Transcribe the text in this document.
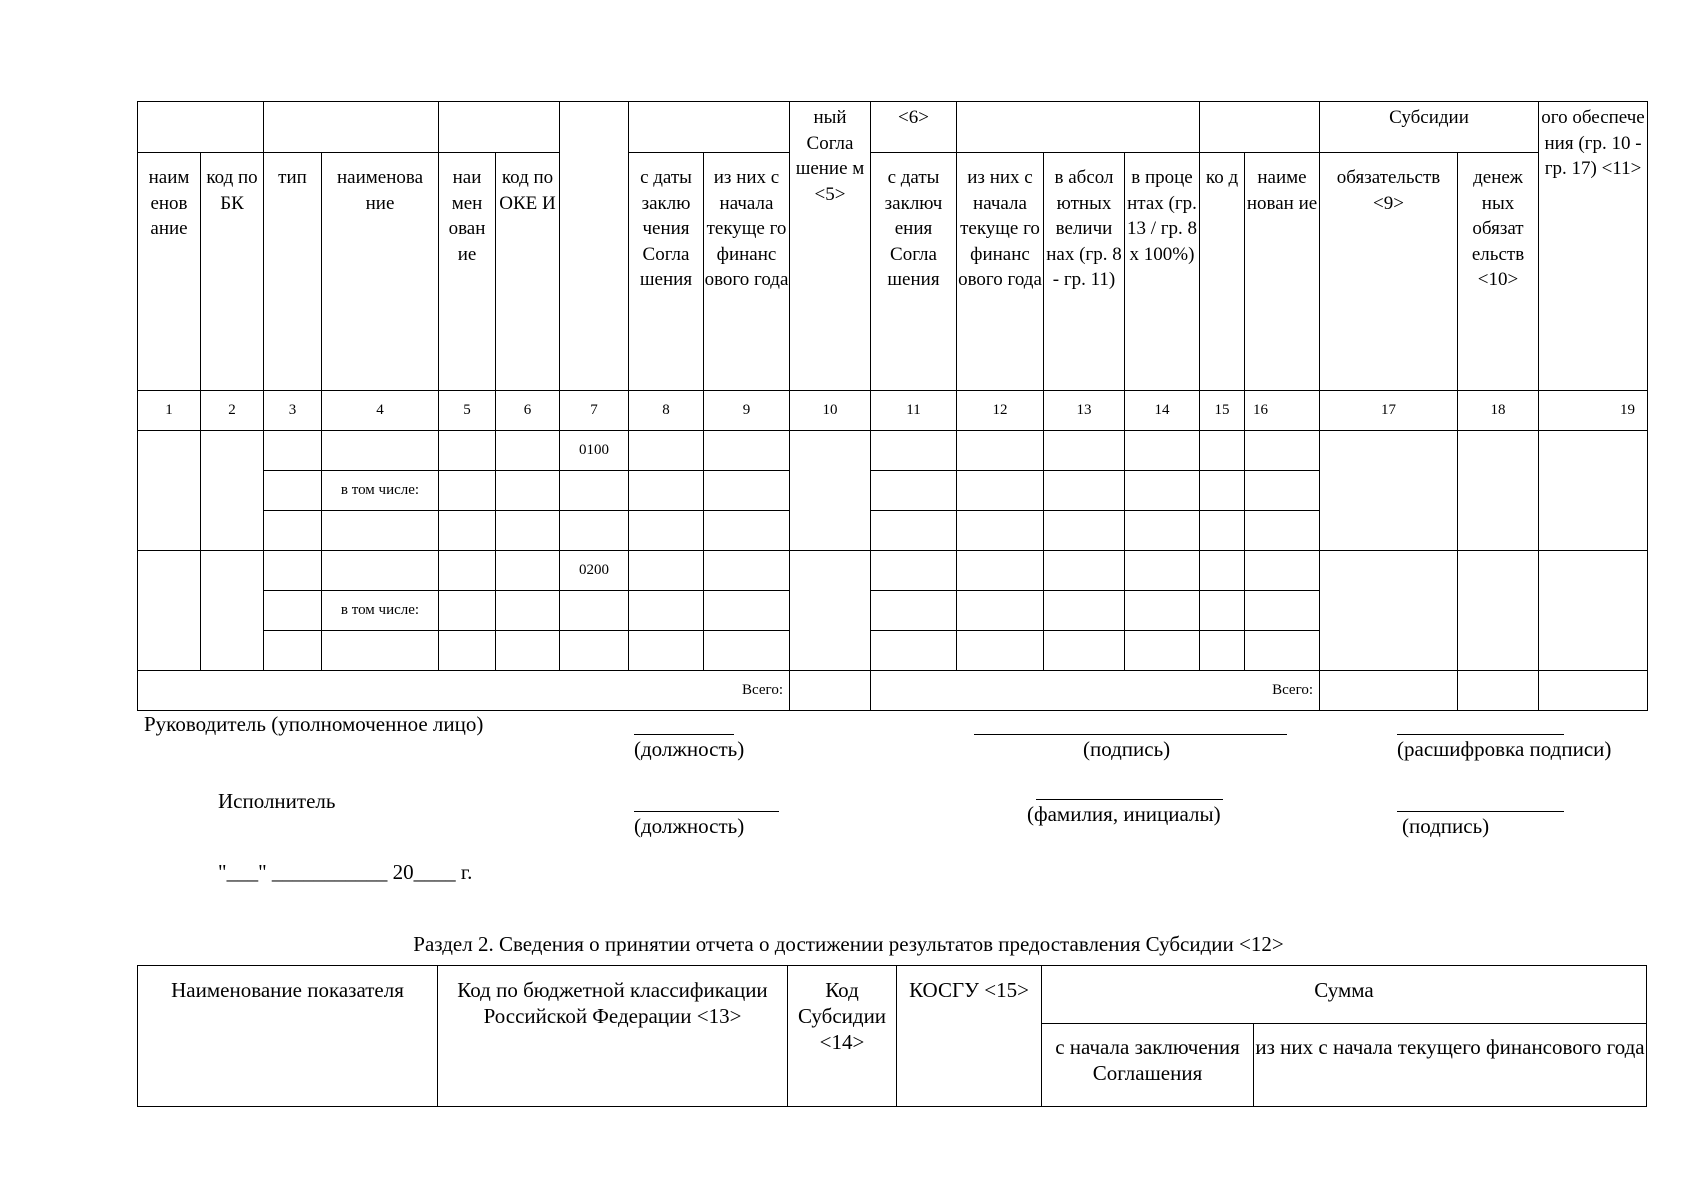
									ный Согла шение м <5>	<6>						Субсидии		ого обеспече ния (гр. 10 - гр. 17) <11>
наим енов ание	код по БК	тип	наименова ние	наи мен ован ие	код по ОКЕ И		с даты заклю чения Согла шения	из них с начала текуще го финанс ового года		с даты заключ ения Согла шения	из них с начала текуще го финанс ового года	в абсол ютных величи нах (гр. 8 - гр. 11)	в проце нтах (гр. 13 / гр. 8 x 100%)	ко д	наиме нован ие	обязательств <9>	денеж ных обязат ельств <10>	
1	2	3	4	5	6	7	8	9	10	11	12	13	14	15	16	17	18	19
						0100												
			в том числе:															

						0200												
			в том числе:															

Всего:										Всего:								
Руководитель (уполномоченное лицо)
(должность)	(подпись)	(расшифровка подписи)
Исполнитель
(должность)	(фамилия, инициалы)	(подпись)
"___" ___________ 20____ г.
Раздел 2. Сведения о принятии отчета о достижении результатов предоставления Субсидии <12>
Наименование показателя	Код по бюджетной классификации Российской Федерации <13>	Код Субсидии <14>	КОСГУ <15>	Сумма	
				с начала заключения Соглашения	из них с начала текущего финансового года
